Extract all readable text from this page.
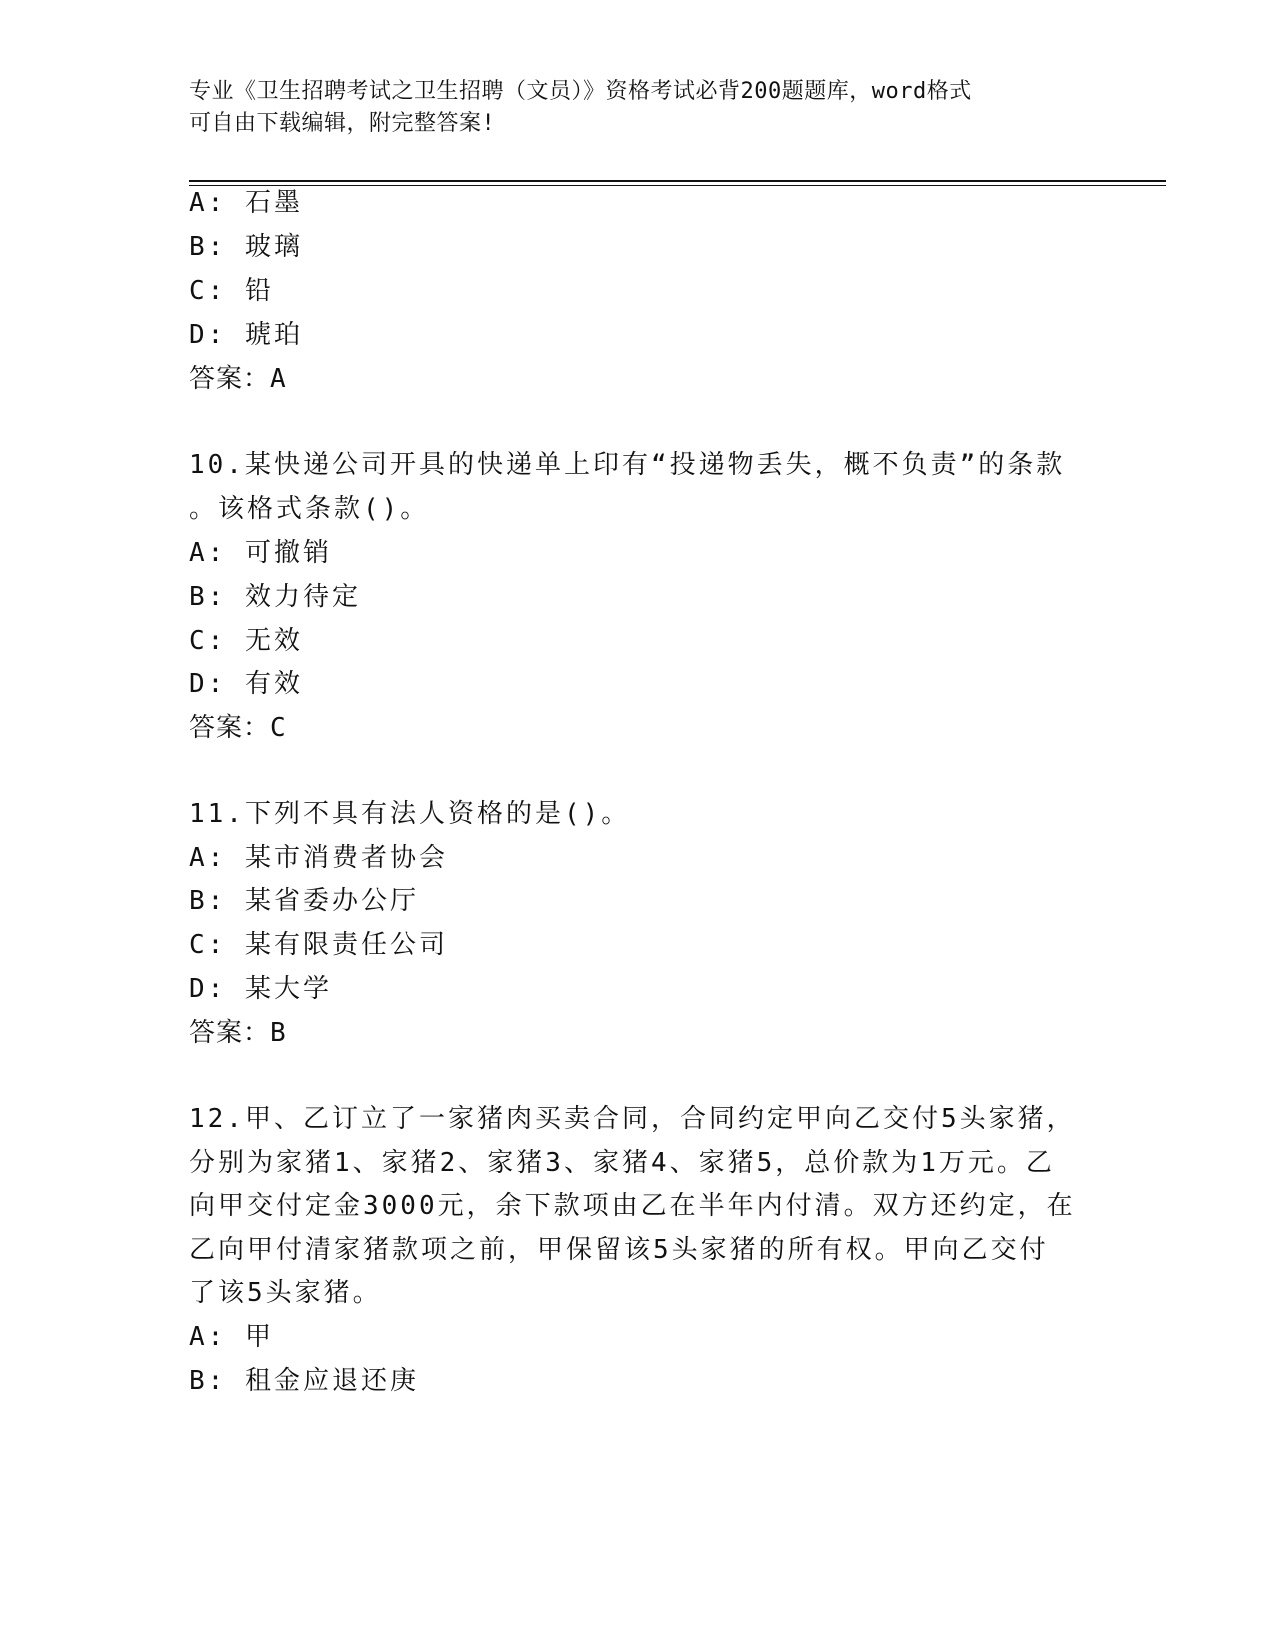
专业《卫生招聘考试之卫生招聘（文员）》资格考试必背200题题库，word格式
可自由下载编辑，附完整答案!
A: 石墨
B: 玻璃
C: 铅
D: 琥珀
答案：A
10.某快递公司开具的快递单上印有“投递物丢失，概不负责”的条款
。该格式条款()。
A: 可撤销
B: 效力待定
C: 无效
D: 有效
答案：C
11.下列不具有法人资格的是()。
A: 某市消费者协会
B: 某省委办公厅
C: 某有限责任公司
D: 某大学
答案：B
12.甲、乙订立了一家猪肉买卖合同，合同约定甲向乙交付5头家猪，
分别为家猪1、家猪2、家猪3、家猪4、家猪5，总价款为1万元。乙
向甲交付定金3000元，余下款项由乙在半年内付清。双方还约定，在
乙向甲付清家猪款项之前，甲保留该5头家猪的所有权。甲向乙交付
了该5头家猪。
A: 甲
B: 租金应退还庚
